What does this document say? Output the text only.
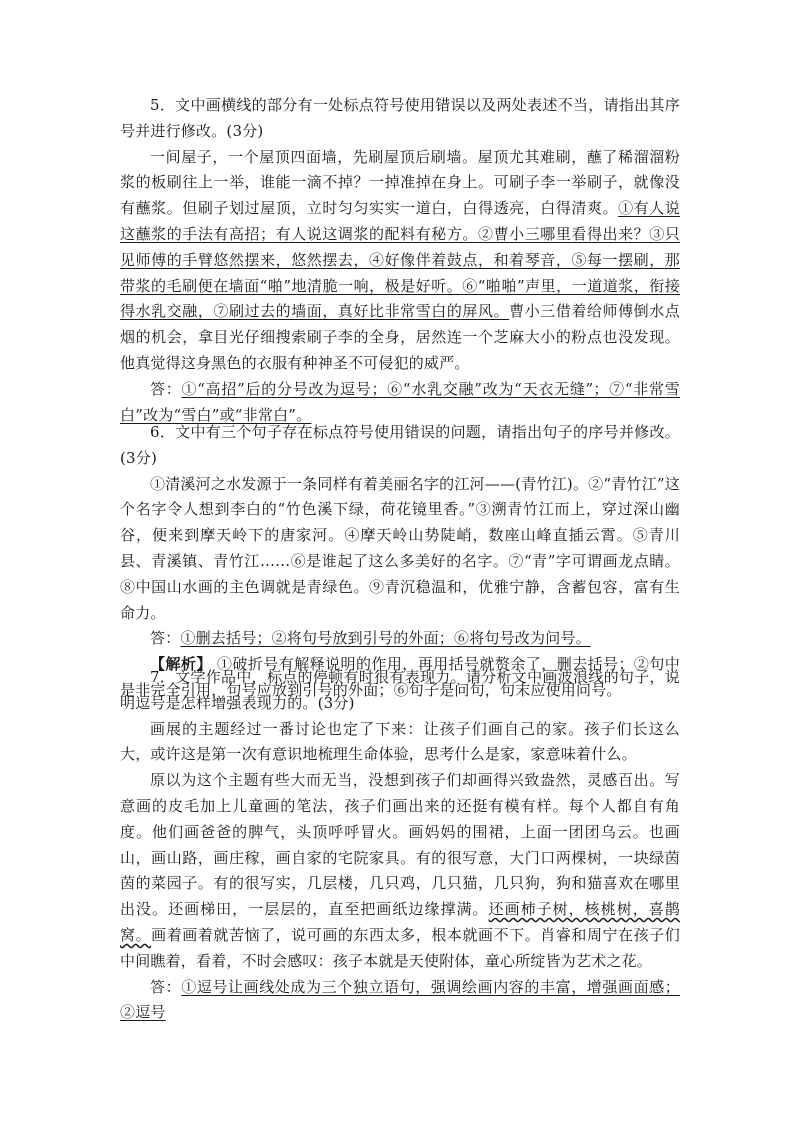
5．文中画横线的部分有一处标点符号使用错误以及两处表述不当，请指出其序号并进行修改。(3分)

一间屋子，一个屋顶四面墙，先刷屋顶后刷墙。屋顶尤其难刷，蘸了稀溜溜粉浆的板刷往上一举，谁能一滴不掉？一掉准掉在身上。可刷子李一举刷子，就像没有蘸浆。但刷子划过屋顶，立时匀匀实实一道白，白得透亮，白得清爽。①有人说这蘸浆的手法有高招；有人说这调浆的配料有秘方。②曹小三哪里看得出来？③只见师傅的手臂悠然摆来，悠然摆去，④好像伴着鼓点，和着琴音，⑤每一摆刷，那带浆的毛刷便在墙面“啪”地清脆一响，极是好听。⑥“啪啪”声里，一道道浆，衔接得水乳交融，⑦刷过去的墙面，真好比非常雪白的屏风。曹小三借着给师傅倒水点烟的机会，拿目光仔细搜索刷子李的全身，居然连一个芝麻大小的粉点也没发现。他真觉得这身黑色的衣服有种神圣不可侵犯的威严。

答：①“高招”后的分号改为逗号；⑥“水乳交融”改为“天衣无缝”；⑦“非常雪白”改为“雪白”或“非常白”。

6．文中有三个句子存在标点符号使用错误的问题，请指出句子的序号并修改。(3分)

①清溪河之水发源于一条同样有着美丽名字的江河——(青竹江)。②“青竹江”这个名字令人想到李白的“竹色溪下绿，荷花镜里香。”③溯青竹江而上，穿过深山幽谷，便来到摩天岭下的唐家河。④摩天岭山势陡峭，数座山峰直插云霄。⑤青川县、青溪镇、青竹江……⑥是谁起了这么多美好的名字。⑦“青”字可谓画龙点睛。⑧中国山水画的主色调就是青绿色。⑨青沉稳温和，优雅宁静，含蓄包容，富有生命力。

答：①删去括号；②将句号放到引号的外面；⑥将句号改为问号。

【解析】 ①破折号有解释说明的作用，再用括号就赘余了，删去括号；②句中是非完全引用，句号应放到引号的外面；⑥句子是问句，句末应使用问号。

7．文学作品中，标点的停顿有时很有表现力。请分析文中画波浪线的句子，说明逗号是怎样增强表现力的。(3分)

画展的主题经过一番讨论也定了下来：让孩子们画自己的家。孩子们长这么大，或许这是第一次有意识地梳理生命体验，思考什么是家，家意味着什么。

原以为这个主题有些大而无当，没想到孩子们却画得兴致盎然，灵感百出。写意画的皮毛加上儿童画的笔法，孩子们画出来的还挺有模有样。每个人都自有角度。他们画爸爸的脾气，头顶呼呼冒火。画妈妈的围裙，上面一团团乌云。也画山，画山路，画庄稼，画自家的宅院家具。有的很写意，大门口两棵树，一块绿茵茵的菜园子。有的很写实，几层楼，几只鸡，几只猫，几只狗，狗和猫喜欢在哪里出没。还画梯田，一层层的，直至把画纸边缘撑满。还画柿子树，核桃树，喜鹊窝。画着画着就苦恼了，说可画的东西太多，根本就画不下。肖睿和周宁在孩子们中间瞧着，看着，不时会感叹：孩子本就是天使附体，童心所绽皆为艺术之花。

答：①逗号让画线处成为三个独立语句，强调绘画内容的丰富，增强画面感；②逗号
